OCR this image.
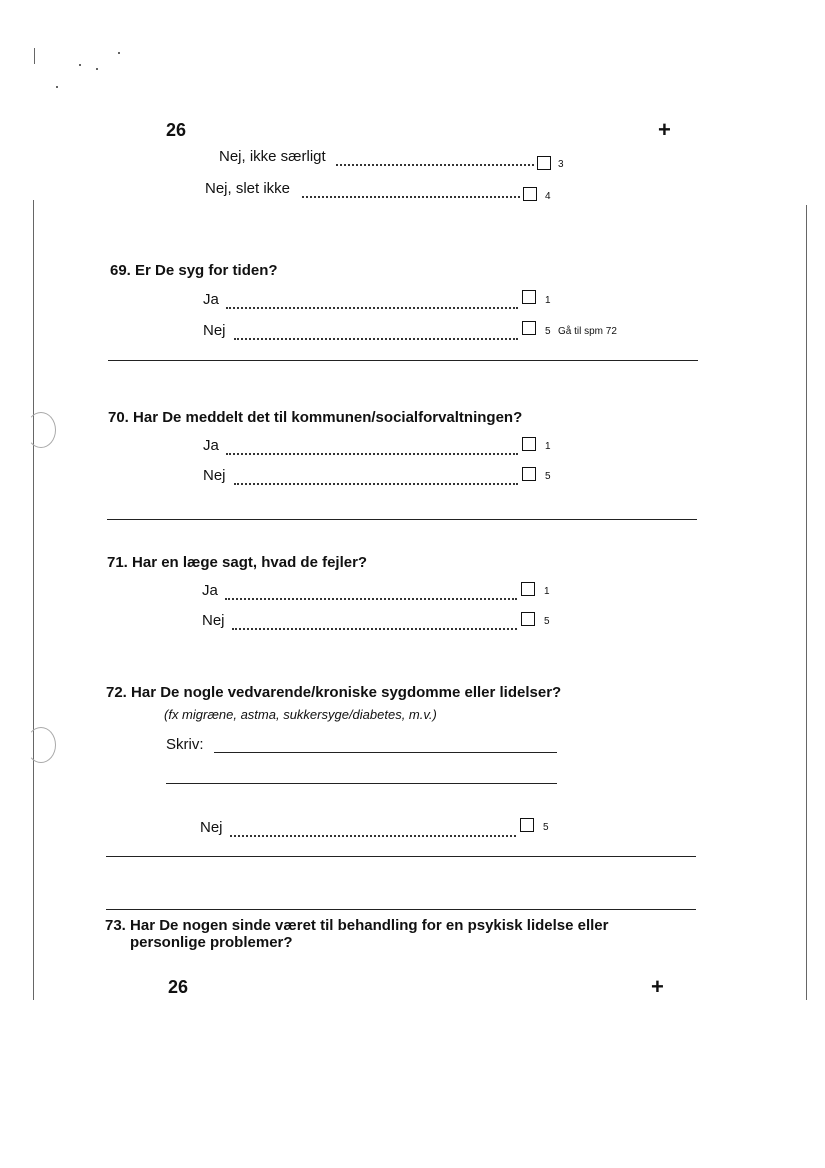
26	+
Nej, ikke særligt	3
Nej, slet ikke	4
69. Er De syg for tiden?
Ja	1
Nej	5 Gå til spm 72
70. Har De meddelt det til kommunen/socialforvaltningen?
Ja	1
Nej	5
71. Har en læge sagt, hvad de fejler?
Ja	1
Nej	5
72. Har De nogle vedvarende/kroniske sygdomme eller lidelser?
(fx migræne, astma, sukkersyge/diabetes, m.v.)
Skriv:
Nej	5
73. Har De nogen sinde været til behandling for en psykisk lidelse eller
personlige problemer?
26	+
